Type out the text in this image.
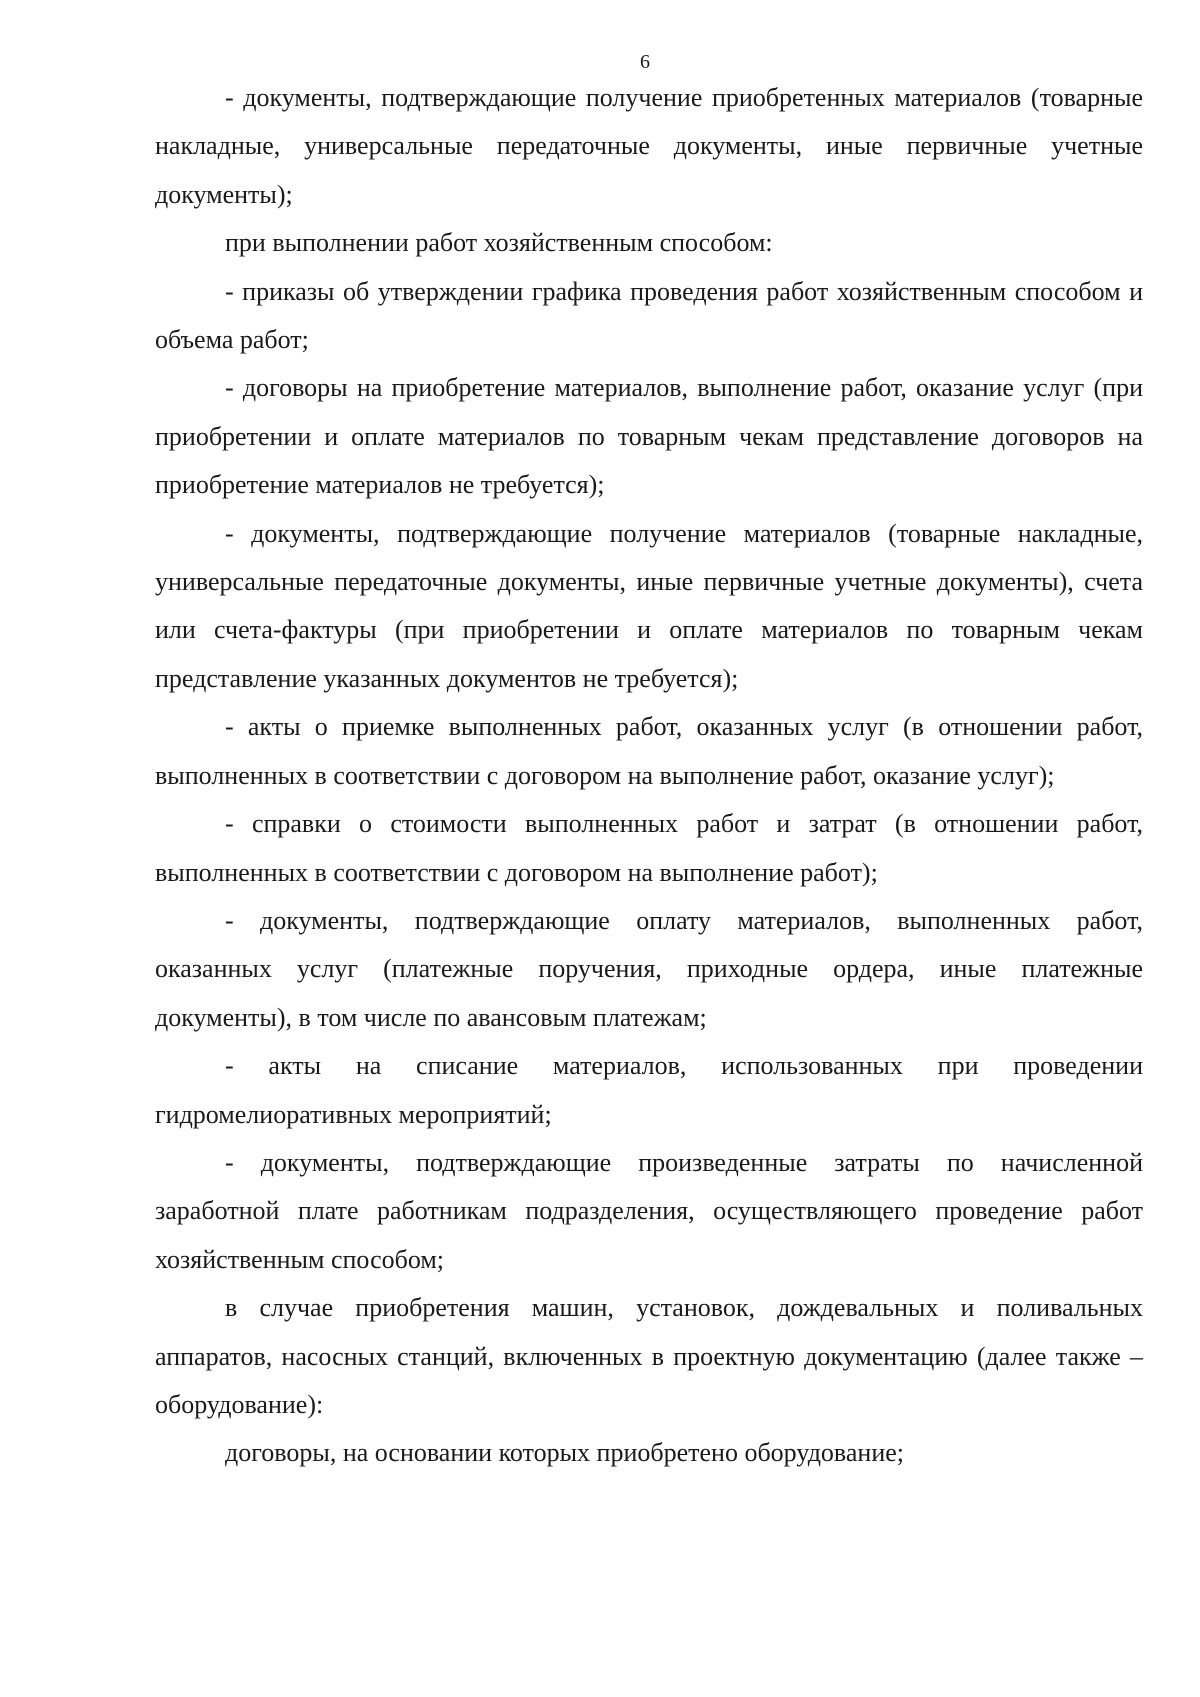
6

- документы, подтверждающие получение приобретенных материалов (товарные накладные, универсальные передаточные документы, иные первичные учетные документы);

при выполнении работ хозяйственным способом:

- приказы об утверждении графика проведения работ хозяйственным способом и объема работ;

- договоры на приобретение материалов, выполнение работ, оказание услуг (при приобретении и оплате материалов по товарным чекам представление договоров на приобретение материалов не требуется);

- документы, подтверждающие получение материалов (товарные накладные, универсальные передаточные документы, иные первичные учетные документы), счета или счета-фактуры (при приобретении и оплате материалов по товарным чекам представление указанных документов не требуется);

- акты о приемке выполненных работ, оказанных услуг (в отношении работ, выполненных в соответствии с договором на выполнение работ, оказание услуг);

- справки о стоимости выполненных работ и затрат (в отношении работ, выполненных в соответствии с договором на выполнение работ);

- документы, подтверждающие оплату материалов, выполненных работ, оказанных услуг (платежные поручения, приходные ордера, иные платежные документы), в том числе по авансовым платежам;

- акты на списание материалов, использованных при проведении гидромелиоративных мероприятий;

- документы, подтверждающие произведенные затраты по начисленной заработной плате работникам подразделения, осуществляющего проведение работ хозяйственным способом;

в случае приобретения машин, установок, дождевальных и поливальных аппаратов, насосных станций, включенных в проектную документацию (далее также – оборудование):

договоры, на основании которых приобретено оборудование;
